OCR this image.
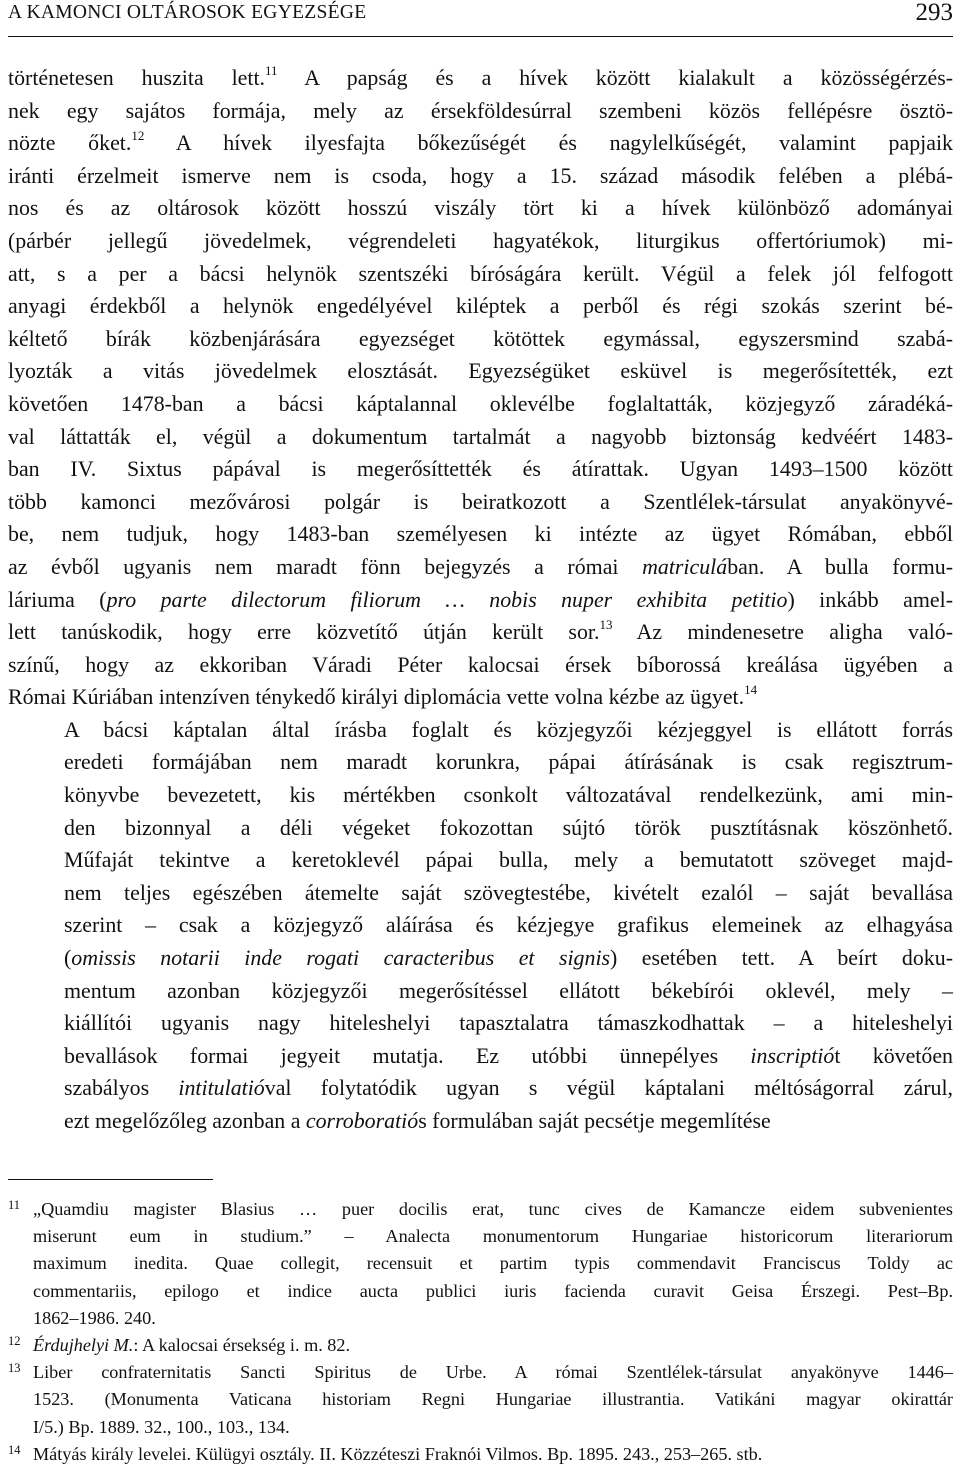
A KAMONCI OLTÁROSOK EGYEZSÉGE	293

történetesen huszita lett.$^{11}$ A papság és a hívek között kialakult a közösségérzés-
nek egy sajátos formája, mely az érsekföldesúrral szembeni közös fellépésre ösztö-
nözte őket.$^{12}$ A hívek ilyesfajta bőkezűségét és nagylelkűségét, valamint papjaik
iránti érzelmeit ismerve nem is csoda, hogy a 15. század második felében a plébá-
nos és az oltárosok között hosszú viszály tört ki a hívek különböző adományai
(párbér jellegű jövedelmek, végrendeleti hagyatékok, liturgikus offertóriumok) mi-
att, s a per a bácsi helynök szentszéki bíróságára került. Végül a felek jól felfogott
anyagi érdekből a helynök engedélyével kiléptek a perből és régi szokás szerint bé-
kéltető bírák közbenjárására egyezséget kötöttek egymással, egyszersmind szabá-
lyozták a vitás jövedelmek elosztását. Egyezségüket esküvel is megerősítették, ezt
követően 1478-ban a bácsi káptalannal oklevélbe foglaltatták, közjegyző záradéká-
val láttatták el, végül a dokumentum tartalmát a nagyobb biztonság kedvéért 1483-
ban IV. Sixtus pápával is megerősíttették és átírattak. Ugyan 1493–1500 között
több kamonci mezővárosi polgár is beiratkozott a Szentlélek-társulat anyakönyvé-
be, nem tudjuk, hogy 1483-ban személyesen ki intézte az ügyet Rómában, ebből
az évből ugyanis nem maradt fönn bejegyzés a római matriculában. A bulla formu-
láriuma (pro parte dilectorum filiorum … nobis nuper exhibita petitio) inkább amel-
lett tanúskodik, hogy erre közvetítő útján került sor.$^{13}$ Az mindenesetre aligha való-
színű, hogy az ekkoriban Váradi Péter kalocsai érsek bíborossá kreálása ügyében a
Római Kúriában intenzíven ténykedő királyi diplomácia vette volna kézbe az ügyet.$^{14}$

A bácsi káptalan által írásba foglalt és közjegyzői kézjeggyel is ellátott forrás
eredeti formájában nem maradt korunkra, pápai átírásának is csak regisztrum-
könyvbe bevezetett, kis mértékben csonkolt változatával rendelkezünk, ami min-
den bizonnyal a déli végeket fokozottan sújtó török pusztításnak köszönhető.
Műfaját tekintve a keretoklevél pápai bulla, mely a bemutatott szöveget majd-
nem teljes egészében átemelte saját szövegtestébe, kivételt ezalól – saját bevallása
szerint – csak a közjegyző aláírása és kézjegye grafikus elemeinek az elhagyása
(omissis notarii inde rogati caracteribus et signis) esetében tett. A beírt doku-
mentum azonban közjegyzői megerősítéssel ellátott békebírói oklevél, mely –
kiállítói ugyanis nagy hiteleshelyi tapasztalatra támaszkodhattak – a hiteleshelyi
bevallások formai jegyeit mutatja. Ez utóbbi ünnepélyes inscriptiót követően
szabályos intitulatióval folytatódik ugyan s végül káptalani méltóságorral zárul,
ezt megelőzőleg azonban a corroboratiós formulában saját pecsétje megemlítése

11 „Quamdiu magister Blasius … puer docilis erat, tunc cives de Kamancze eidem subvenientes
miserunt eum in studium.” – Analecta monumentorum Hungariae historicorum literariorum
maximum inedita. Quae collegit, recensuit et partim typis commendavit Franciscus Toldy ac
commentariis, epilogo et indice aucta publici iuris facienda curavit Geisa Érszegi. Pest–Bp.
1862–1986. 240.
12 Érdujhelyi M.: A kalocsai érsekség i. m. 82.
13 Liber confraternitatis Sancti Spiritus de Urbe. A római Szentlélek-társulat anyakönyve 1446–
1523. (Monumenta Vaticana historiam Regni Hungariae illustrantia. Vatikáni magyar okirattár
I/5.) Bp. 1889. 32., 100., 103., 134.
14 Mátyás király levelei. Külügyi osztály. II. Közzéteszi Fraknói Vilmos. Bp. 1895. 243., 253–265. stb.
